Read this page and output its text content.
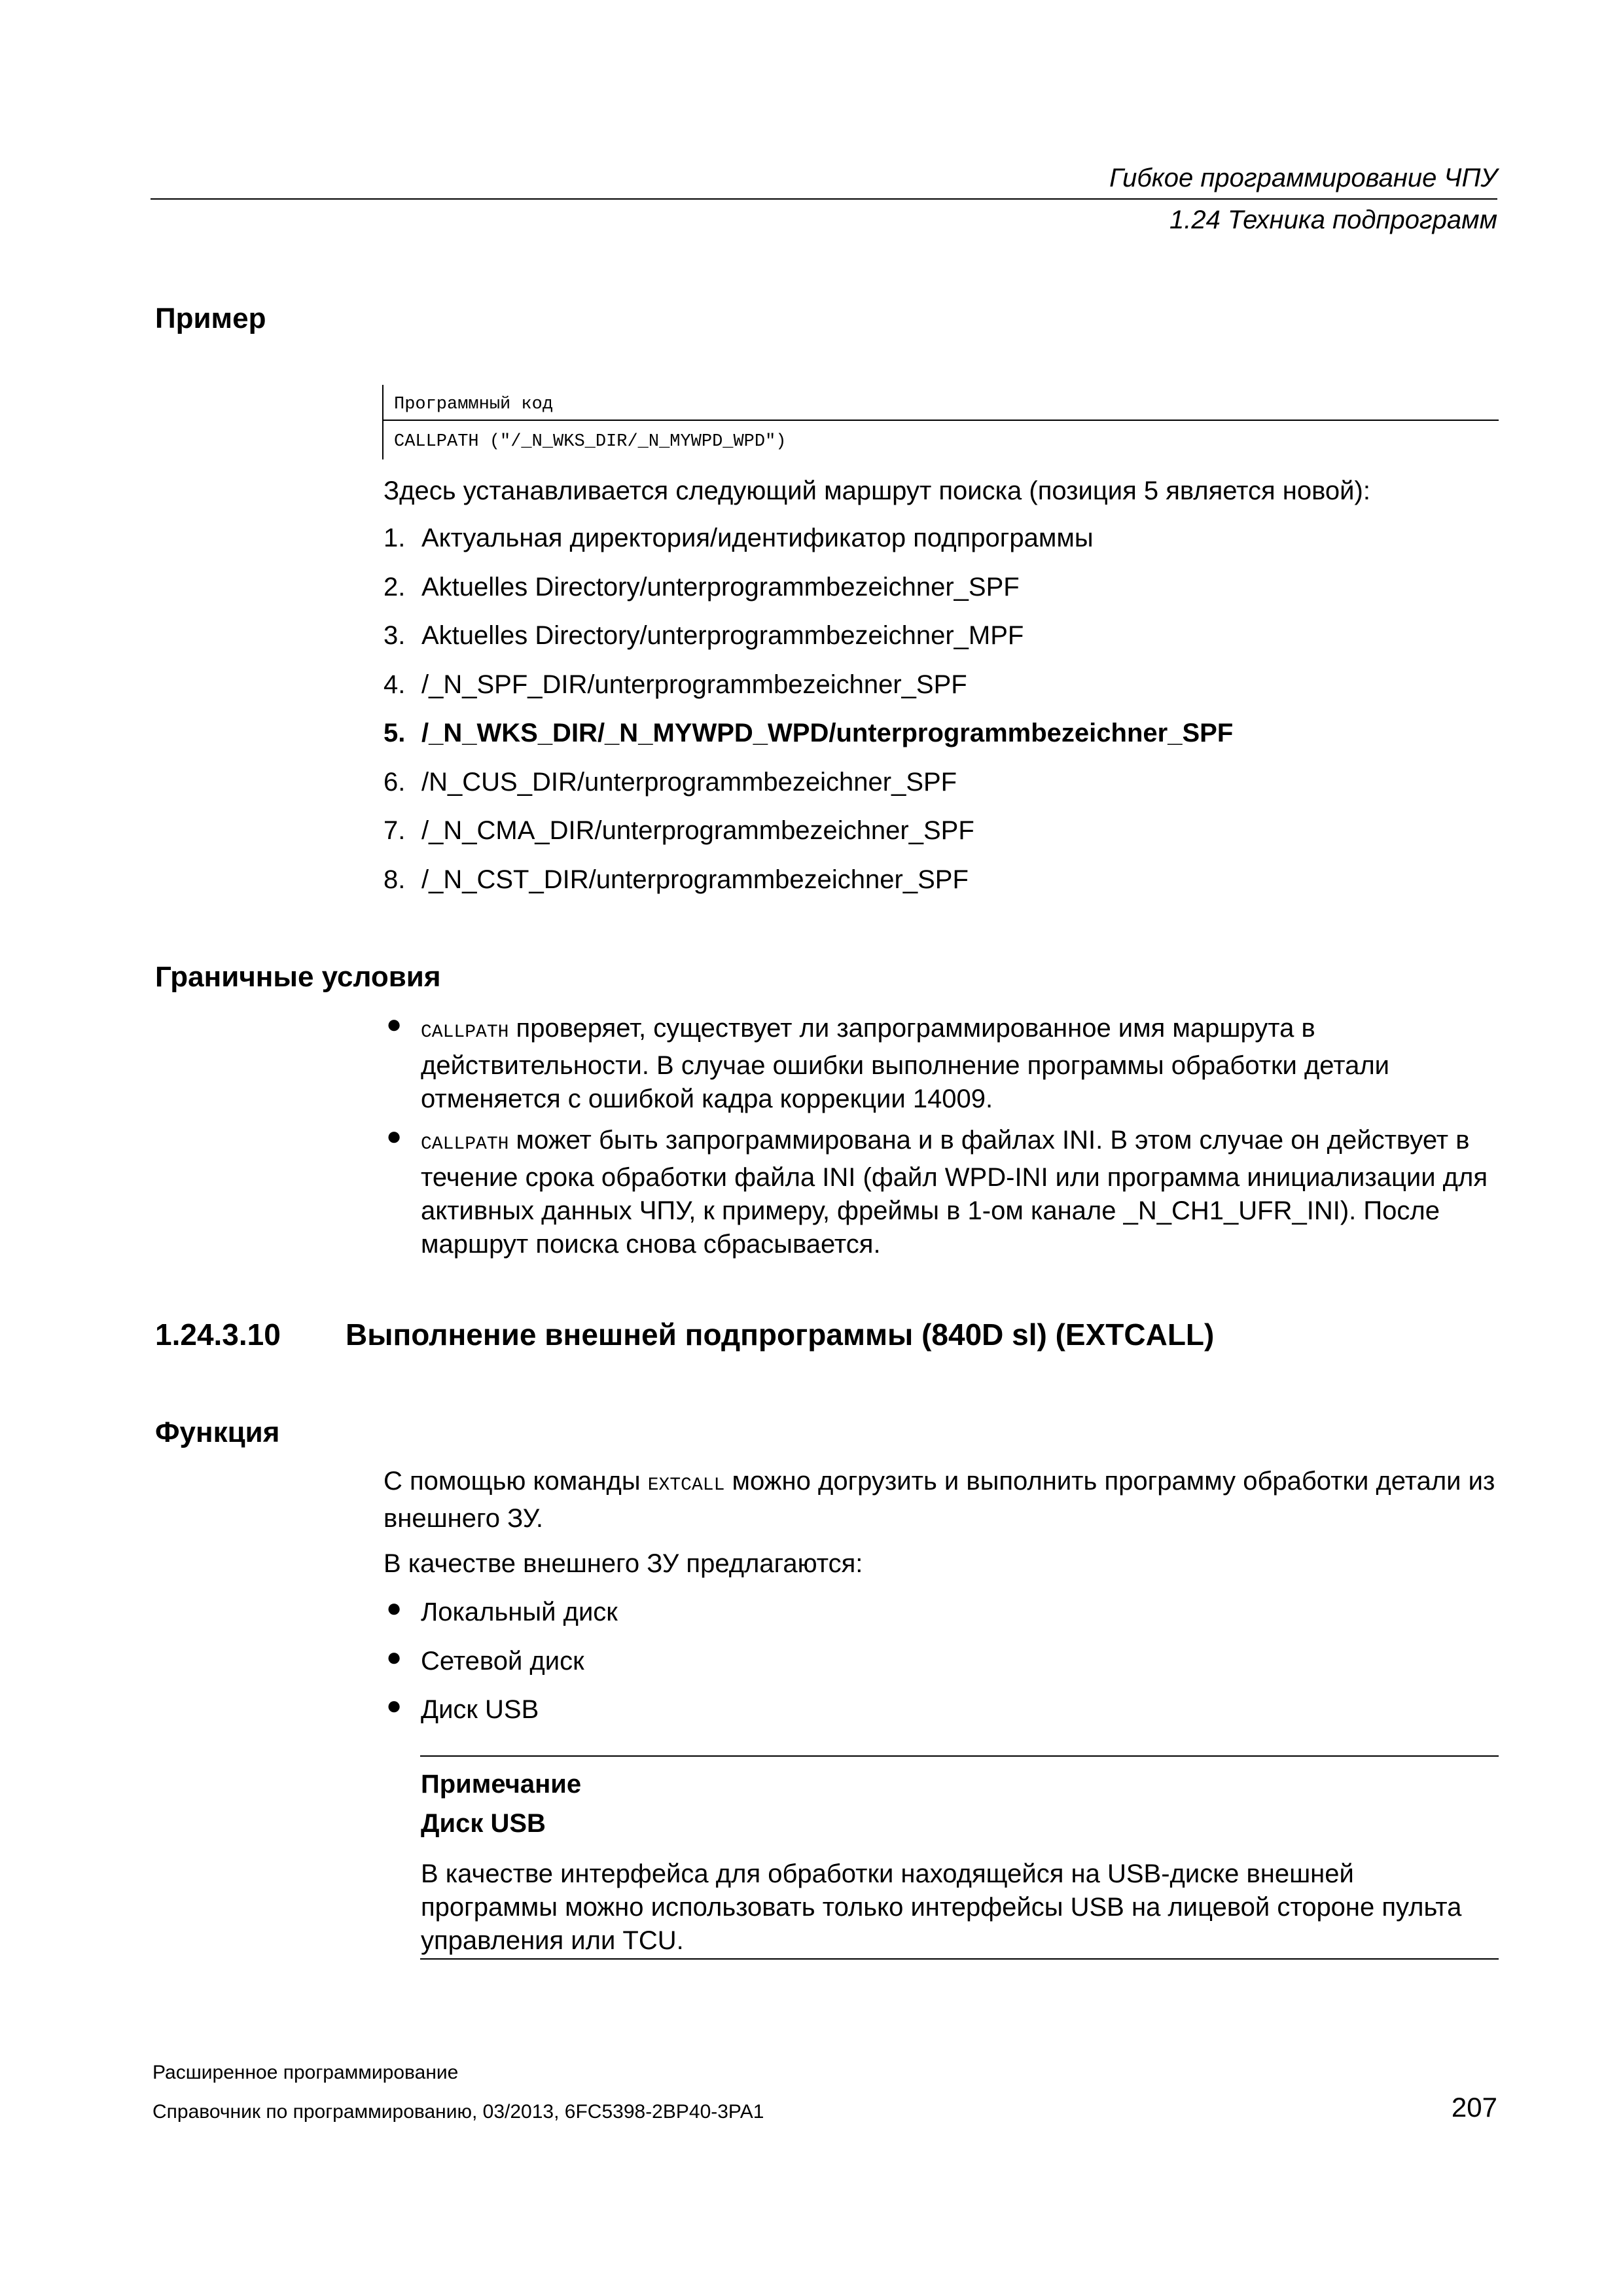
Гибкое программирование ЧПУ
1.24 Техника подпрограмм
Пример
Программный код
CALLPATH ("/_N_WKS_DIR/_N_MYWPD_WPD")
Здесь устанавливается следующий маршрут поиска (позиция 5 является новой):
1. Актуальная директория/идентификатор подпрограммы
2. Aktuelles Directory/unterprogrammbezeichner_SPF
3. Aktuelles Directory/unterprogrammbezeichner_MPF
4. /_N_SPF_DIR/unterprogrammbezeichner_SPF
5. /_N_WKS_DIR/_N_MYWPD_WPD/unterprogrammbezeichner_SPF
6. /N_CUS_DIR/unterprogrammbezeichner_SPF
7. /_N_CMA_DIR/unterprogrammbezeichner_SPF
8. /_N_CST_DIR/unterprogrammbezeichner_SPF
Граничные условия
● CALLPATH проверяет, существует ли запрограммированное имя маршрута в действительности. В случае ошибки выполнение программы обработки детали отменяется с ошибкой кадра коррекции 14009.
● CALLPATH может быть запрограммирована и в файлах INI. В этом случае он действует в течение срока обработки файла INI (файл WPD-INI или программа инициализации для активных данных ЧПУ, к примеру, фреймы в 1-ом канале _N_CH1_UFR_INI). После маршрут поиска снова сбрасывается.
1.24.3.10 Выполнение внешней подпрограммы (840D sl) (EXTCALL)
Функция
С помощью команды EXTCALL можно догрузить и выполнить программу обработки детали из внешнего ЗУ.
В качестве внешнего ЗУ предлагаются:
● Локальный диск
● Сетевой диск
● Диск USB
Примечание
Диск USB
В качестве интерфейса для обработки находящейся на USB-диске внешней программы можно использовать только интерфейсы USB на лицевой стороне пульта управления или TCU.
Расширенное программирование
Справочник по программированию, 03/2013, 6FC5398-2BP40-3PA1	207
